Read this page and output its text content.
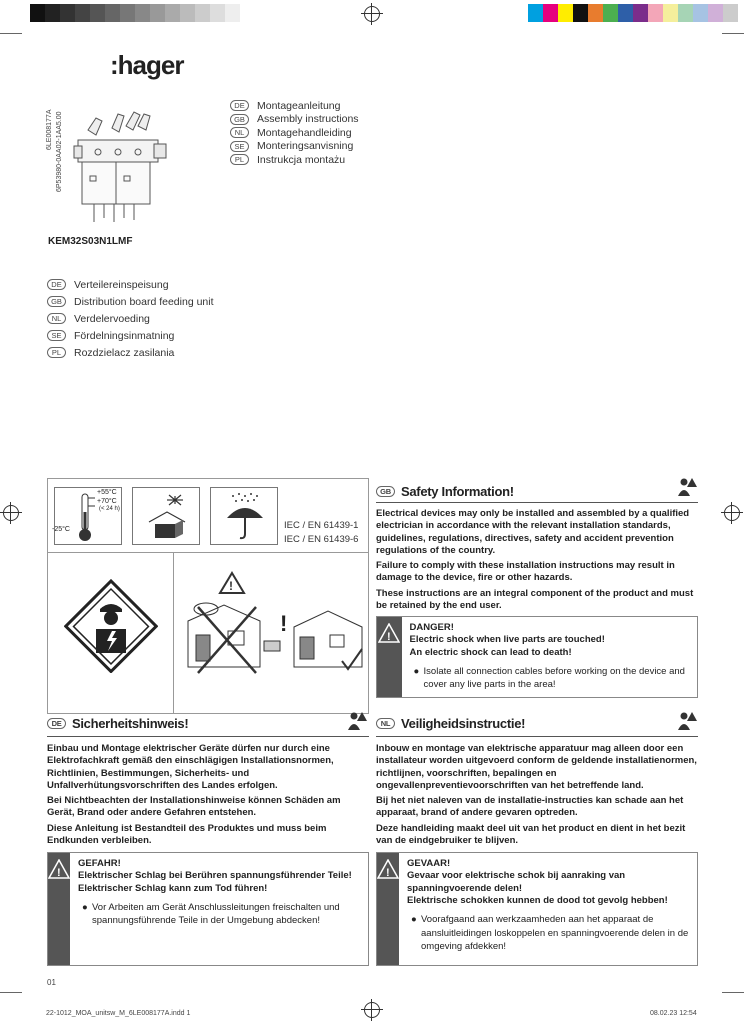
:hager
6LE008177A 6P53980-0AA02-1AA5.00
KEM32S03N1LMF
DE	Montageanleitung
GB	Assembly instructions
NL	Montagehandleiding
SE	Monteringsanvisning
PL	Instrukcja montażu
DE	Verteilereinspeisung
GB	Distribution board feeding unit
NL	Verdelervoeding
SE	Fördelningsinmatning
PL	Rozdzielacz zasilania
+55°C
+70°C
(< 24 h)
-25°C	IEC / EN 61439-1
IEC / EN 61439-6
!
!
GB Safety Information!

Electrical devices may only be installed and assembled by a qualified electrician in accordance with the relevant installation standards, guidelines, regulations, directives, safety and accident prevention regulations of the country.

Failure to comply with these installation instructions may result in damage to the device, fire or other hazards.

These instructions are an integral component of the product and must be retained by the end user.

!
DANGER!
Electric shock when live parts are touched!
An electric shock can lead to death!
● Isolate all connection cables before working on the device and cover any live parts in the area!
DE Sicherheitshinweis!

Einbau und Montage elektrischer Geräte dürfen nur durch eine Elektrofachkraft gemäß den einschlägigen Installationsnormen, Richtlinien, Bestimmungen, Sicherheits- und Unfallverhütungsvorschriften des Landes erfolgen.

Bei Nichtbeachten der Installationshinweise können Schäden am Gerät, Brand oder andere Gefahren entstehen.

Diese Anleitung ist Bestandteil des Produktes und muss beim Endkunden verbleiben.

!
GEFAHR!
Elektrischer Schlag bei Berühren spannungsführender Teile!
Elektrischer Schlag kann zum Tod führen!
● Vor Arbeiten am Gerät Anschlussleitungen freischalten und spannungsführende Teile in der Umgebung abdecken!
NL Veiligheidsinstructie!

Inbouw en montage van elektrische apparatuur mag alleen door een installateur worden uitgevoerd conform de geldende installatienormen, richtlijnen, voorschriften, bepalingen en ongevallenpreventievoorschriften van het betreffende land.

Bij het niet naleven van de installatie-instructies kan schade aan het apparaat, brand of andere gevaren optreden.

Deze handleiding maakt deel uit van het product en dient in het bezit van de eindgebruiker te blijven.

!
GEVAAR!
Gevaar voor elektrische schok bij aanraking van spanningvoerende delen!
Elektrische schokken kunnen de dood tot gevolg hebben!
● Voorafgaand aan werkzaamheden aan het apparaat de aansluitleidingen loskoppelen en spanningvoerende delen in de omgeving afdekken!
01
22-1012_MOA_unitsw_M_6LE008177A.indd 1	08.02.23 12:54
